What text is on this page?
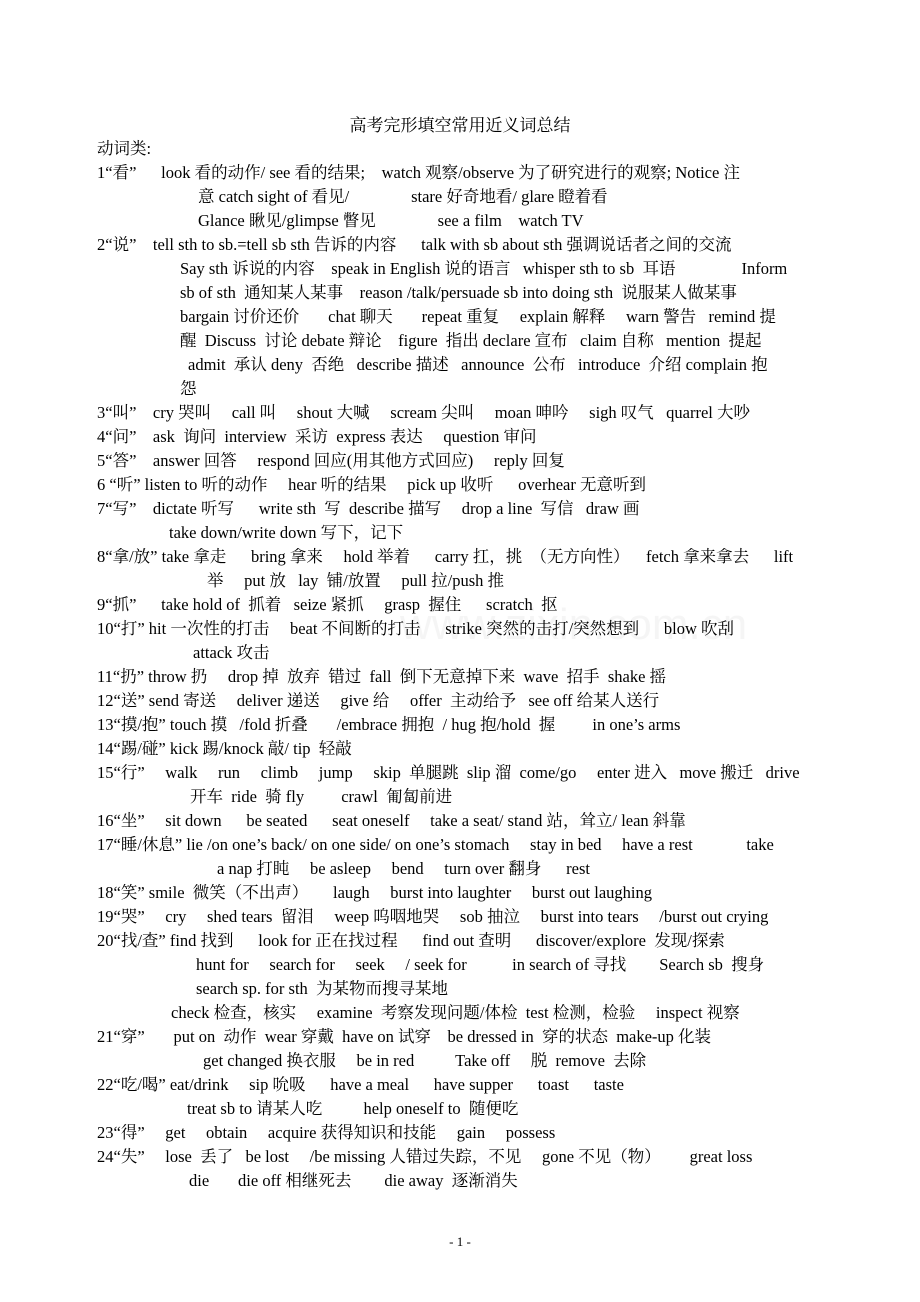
高考完形填空常用近义词总结
动词类:
1“看”      look 看的动作/ see 看的结果;    watch 观察/observe 为了研究进行的观察; Notice 注
意 catch sight of 看见/               stare 好奇地看/ glare 瞪着看
Glance 瞅见/glimpse 瞥见               see a film    watch TV
2“说”    tell sth to sb.=tell sb sth 告诉的内容      talk with sb about sth 强调说话者之间的交流
Say sth 诉说的内容    speak in English 说的语言   whisper sth to sb  耳语                Inform
sb of sth  通知某人某事    reason /talk/persuade sb into doing sth  说服某人做某事
bargain 讨价还价       chat 聊天       repeat 重复     explain 解释     warn 警告   remind 提
醒  Discuss  讨论 debate 辩论    figure  指出 declare 宣布   claim 自称   mention  提起
admit  承认 deny  否绝   describe 描述   announce  公布   introduce  介绍 complain 抱
怨
3“叫”    cry 哭叫     call 叫     shout 大喊     scream 尖叫     moan 呻吟     sigh 叹气   quarrel 大吵
4“问”    ask  询问  interview  采访  express 表达     question 审问
5“答”    answer 回答     respond 回应(用其他方式回应)     reply 回复
6 “听” listen to 听的动作     hear 听的结果     pick up 收听      overhear 无意听到
7“写”    dictate 听写      write sth  写  describe 描写     drop a line  写信   draw 画
take down/write down 写下，记下
8“拿/放” take 拿走      bring 拿来     hold 举着      carry 扛，挑  （无方向性）    fetch 拿来拿去      lift
举     put 放   lay  铺/放置     pull 拉/push 推
9“抓”      take hold of  抓着   seize 紧抓     grasp  握住      scratch  抠
10“打” hit 一次性的打击     beat 不间断的打击      strike 突然的击打/突然想到      blow 吹刮
attack 攻击
11“扔” throw 扔     drop 掉  放弃  错过  fall  倒下无意掉下来  wave  招手  shake 摇
12“送” send 寄送     deliver 递送     give 给     offer  主动给予   see off 给某人送行
13“摸/抱” touch 摸   /fold 折叠       /embrace 拥抱  / hug 抱/hold  握         in one’s arms
14“踢/碰” kick 踢/knock 敲/ tip  轻敲
15“行”     walk     run     climb     jump     skip  单腿跳  slip 溜  come/go     enter 进入   move 搬迁   drive
开车  ride  骑 fly         crawl  匍匐前进
16“坐”     sit down      be seated      seat oneself     take a seat/ stand 站，耸立/ lean 斜靠
17“睡/休息” lie /on one’s back/ on one side/ on one’s stomach     stay in bed     have a rest             take
a nap 打盹     be asleep     bend     turn over 翻身      rest
18“笑” smile  微笑（不出声）      laugh     burst into laughter     burst out laughing
19“哭”     cry     shed tears  留泪     weep 呜咽地哭     sob 抽泣     burst into tears     /burst out crying
20“找/查” find 找到      look for 正在找过程      find out 查明      discover/explore  发现/探索
hunt for     search for     seek     / seek for           in search of 寻找        Search sb  搜身
search sp. for sth  为某物而搜寻某地
check 检查，核实     examine  考察发现问题/体检  test 检测，检验     inspect 视察
21“穿”       put on  动作  wear 穿戴  have on 试穿    be dressed in  穿的状态  make-up 化装
get changed 换衣服     be in red          Take off     脱  remove  去除
22“吃/喝” eat/drink     sip 吮吸      have a meal      have supper      toast      taste
treat sb to 请某人吃          help oneself to  随便吃
23“得”     get     obtain     acquire 获得知识和技能     gain     possess
24“失”     lose  丢了   be lost     /be missing 人错过失踪，不见     gone 不见（物）       great loss
die       die off 相继死去        die away  逐渐消失
- 1 -
